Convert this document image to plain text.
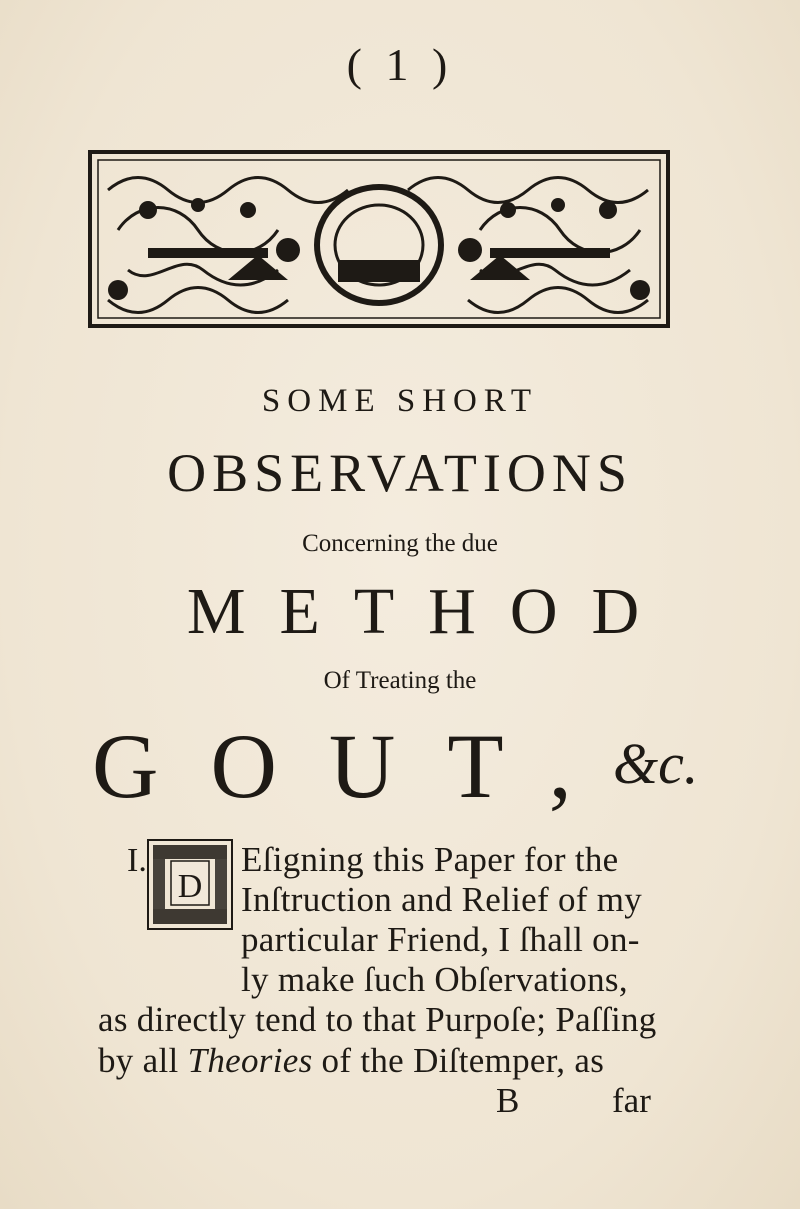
( 1 )
SOME SHORT
OBSERVATIONS
Concerning the due
METHOD
Of Treating the
GOUT,
&c.
I.
D
Eſigning this Paper for the
Inſtruction and Relief of my
particular Friend, I ſhall on-
ly make ſuch Obſervations,
as directly tend to that Purpoſe; Paſſing
by all Theories of the Diſtemper, as
B	far
